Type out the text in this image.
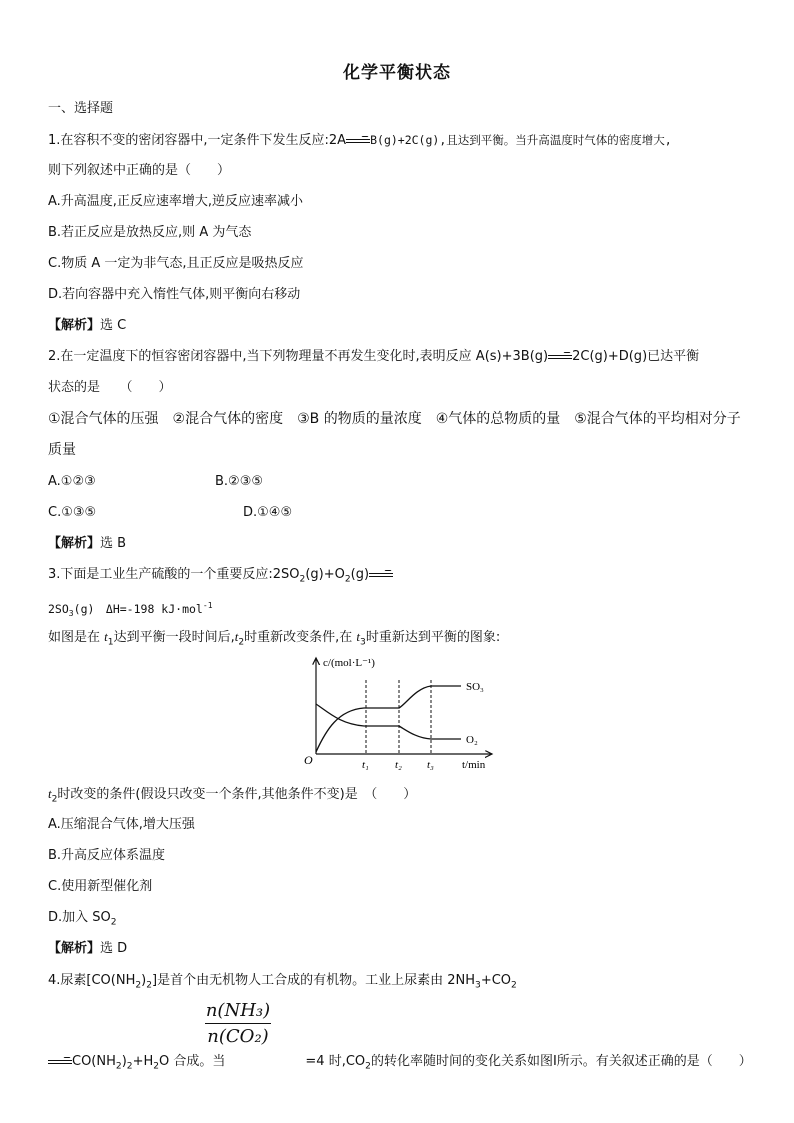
化学平衡状态
一、选择题
1.在容积不变的密闭容器中,一定条件下发生反应:2A B(g)+2C(g),且达到平衡。当升高温度时气体的密度增大,
则下列叙述中正确的是（　　）
A.升高温度,正反应速率增大,逆反应速率减小
B.若正反应是放热反应,则 A 为气态
C.物质 A 一定为非气态,且正反应是吸热反应
D.若向容器中充入惰性气体,则平衡向右移动
【解析】选 C
2.在一定温度下的恒容密闭容器中,当下列物理量不再发生变化时,表明反应 A(s)+3B(g) 2C(g)+D(g)已达平衡
状态的是　　（　　）
①混合气体的压强　②混合气体的密度　③B 的物质的量浓度　④气体的总物质的量　⑤混合气体的平均相对分子
质量
A.①②③	B.②③⑤
C.①③⑤	D.①④⑤
【解析】选 B
3.下面是工业生产硫酸的一个重要反应$:2SO_2(g)+O_2(g)$
$2SO_3(g)$　ΔH=-198 kJ·mol$^{-1}$
如图是在 $t_1$达到平衡一段时间后$,t_2$时重新改变条件,在 $t_3$时重新达到平衡的图象:
c/(mol·L⁻¹)
SO₃
O₂
O	t₁ t₂ t₃	t/min
$t_2$时改变的条件(假设只改变一个条件,其他条件不变)是　（　　）
A.压缩混合气体,增大压强
B.升高反应体系温度
C.使用新型催化剂
D.加入 $SO_2$
【解析】选 D
4.尿素$[CO(NH_2)_2]$是首个由无机物人工合成的有机物。工业上尿素由 $2NH_3+CO_2$
$\frac{\text{n(NH₃)}}{\text{n(CO₂)}}$
$CO(NH_2)_2+H_2O$ 合成。当	=4 时$,CO_2$的转化率随时间的变化关系如图Ⅰ所示。有关叙述正确的是（　　）
